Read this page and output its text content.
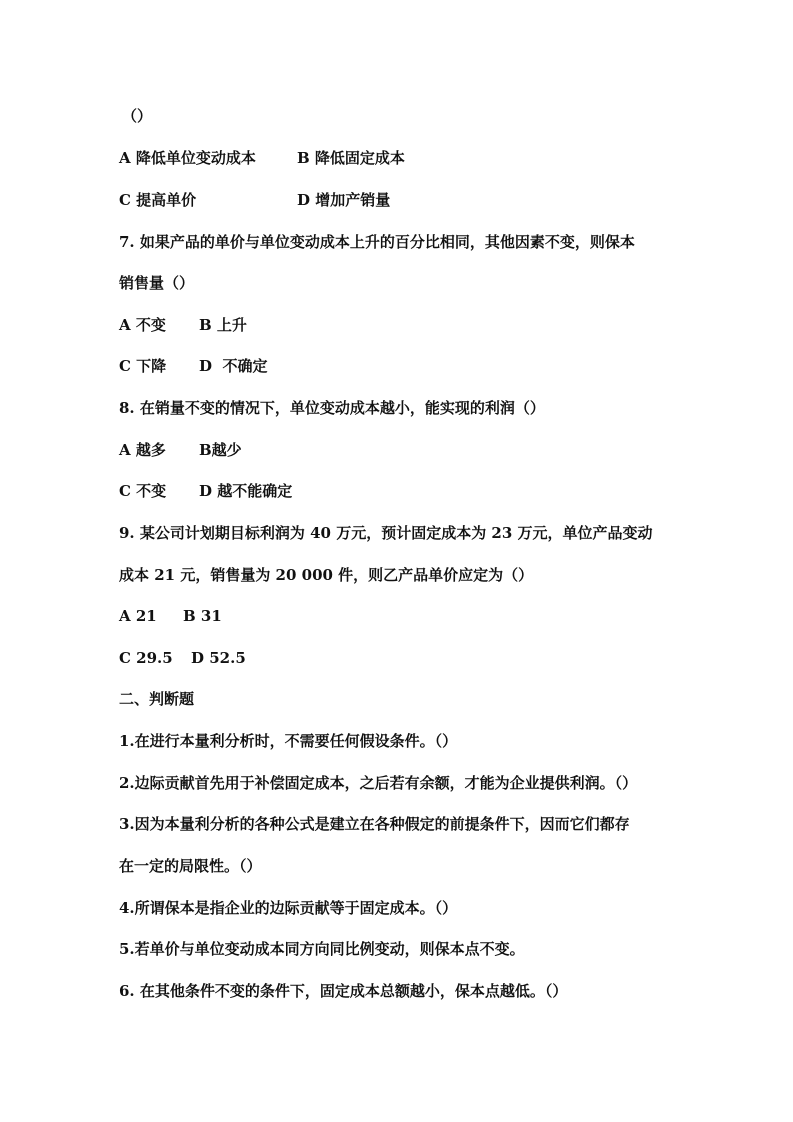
（）
A 降低单位变动成本	B 降低固定成本
C 提高单价	D 增加产销量
7. 如果产品的单价与单位变动成本上升的百分比相同，其他因素不变，则保本
销售量（）
A 不变 B 上升
C 下降 D  不确定
8. 在销量不变的情况下，单位变动成本越小，能实现的利润（）
A 越多 B越少
C 不变 D 越不能确定
9. 某公司计划期目标利润为 40 万元，预计固定成本为 23 万元，单位产品变动
成本 21 元，销售量为 20 000 件，则乙产品单价应定为（）
A 21 B 31
C 29.5 D 52.5
二、判断题
1.在进行本量利分析时，不需要任何假设条件。（）
2.边际贡献首先用于补偿固定成本，之后若有余额，才能为企业提供利润。（）
3.因为本量利分析的各种公式是建立在各种假定的前提条件下，因而它们都存
在一定的局限性。（）
4.所谓保本是指企业的边际贡献等于固定成本。（）
5.若单价与单位变动成本同方向同比例变动，则保本点不变。
6. 在其他条件不变的条件下，固定成本总额越小，保本点越低。（）
